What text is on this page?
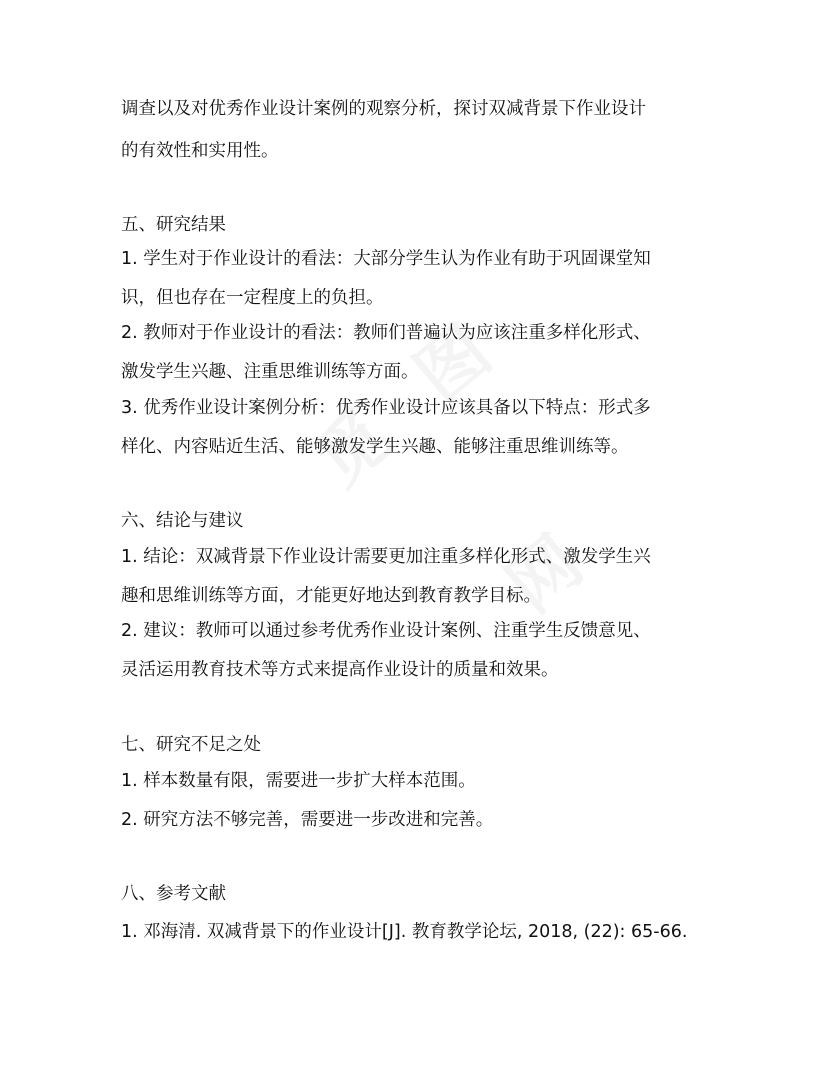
调查以及对优秀作业设计案例的观察分析，探讨双减背景下作业设计
的有效性和实用性。
五、研究结果
1. 学生对于作业设计的看法：大部分学生认为作业有助于巩固课堂知
识，但也存在一定程度上的负担。
2. 教师对于作业设计的看法：教师们普遍认为应该注重多样化形式、
激发学生兴趣、注重思维训练等方面。
3. 优秀作业设计案例分析：优秀作业设计应该具备以下特点：形式多
样化、内容贴近生活、能够激发学生兴趣、能够注重思维训练等。
六、结论与建议
1. 结论：双减背景下作业设计需要更加注重多样化形式、激发学生兴
趣和思维训练等方面，才能更好地达到教育教学目标。
2. 建议：教师可以通过参考优秀作业设计案例、注重学生反馈意见、
灵活运用教育技术等方式来提高作业设计的质量和效果。
七、研究不足之处
1. 样本数量有限，需要进一步扩大样本范围。
2. 研究方法不够完善，需要进一步改进和完善。
八、参考文献
1. 邓海清. 双减背景下的作业设计[J]. 教育教学论坛, 2018, (22): 65-66.
